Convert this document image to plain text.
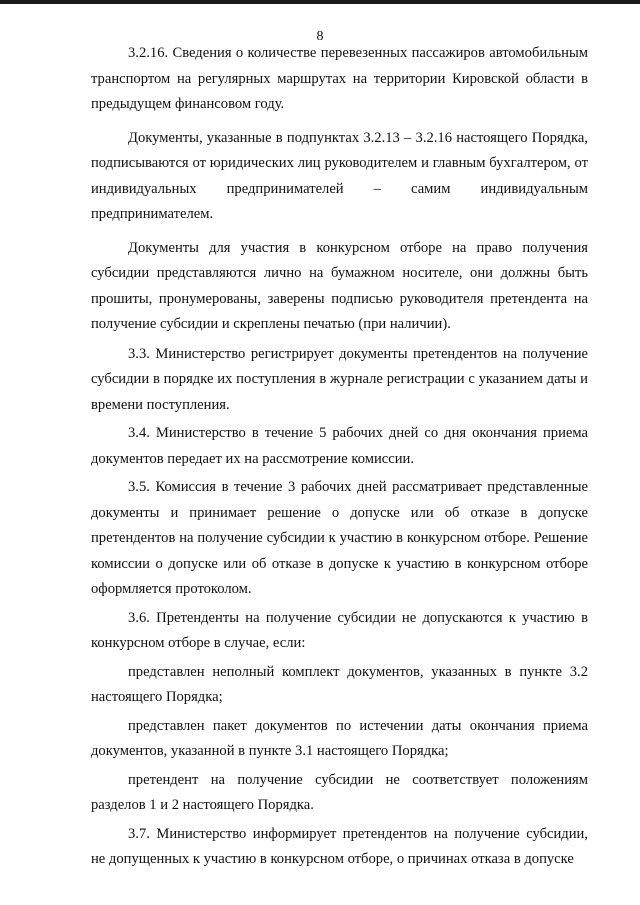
8

3.2.16. Сведения о количестве перевезенных пассажиров автомобильным транспортом на регулярных маршрутах на территории Кировской области в предыдущем финансовом году.

Документы, указанные в подпунктах 3.2.13 – 3.2.16 настоящего Порядка, подписываются от юридических лиц руководителем и главным бухгалтером, от индивидуальных предпринимателей – самим индивидуальным предпринимателем.

Документы для участия в конкурсном отборе на право получения субсидии представляются лично на бумажном носителе, они должны быть прошиты, пронумерованы, заверены подписью руководителя претендента на получение субсидии и скреплены печатью (при наличии).

3.3. Министерство регистрирует документы претендентов на получение субсидии в порядке их поступления в журнале регистрации с указанием даты и времени поступления.

3.4. Министерство в течение 5 рабочих дней со дня окончания приема документов передает их на рассмотрение комиссии.

3.5. Комиссия в течение 3 рабочих дней рассматривает представленные документы и принимает решение о допуске или об отказе в допуске претендентов на получение субсидии к участию в конкурсном отборе. Решение комиссии о допуске или об отказе в допуске к участию в конкурсном отборе оформляется протоколом.

3.6. Претенденты на получение субсидии не допускаются к участию в конкурсном отборе в случае, если:

представлен неполный комплект документов, указанных в пункте 3.2 настоящего Порядка;

представлен пакет документов по истечении даты окончания приема документов, указанной в пункте 3.1 настоящего Порядка;

претендент на получение субсидии не соответствует положениям разделов 1 и 2 настоящего Порядка.

3.7. Министерство информирует претендентов на получение субсидии, не допущенных к участию в конкурсном отборе, о причинах отказа в допуске
